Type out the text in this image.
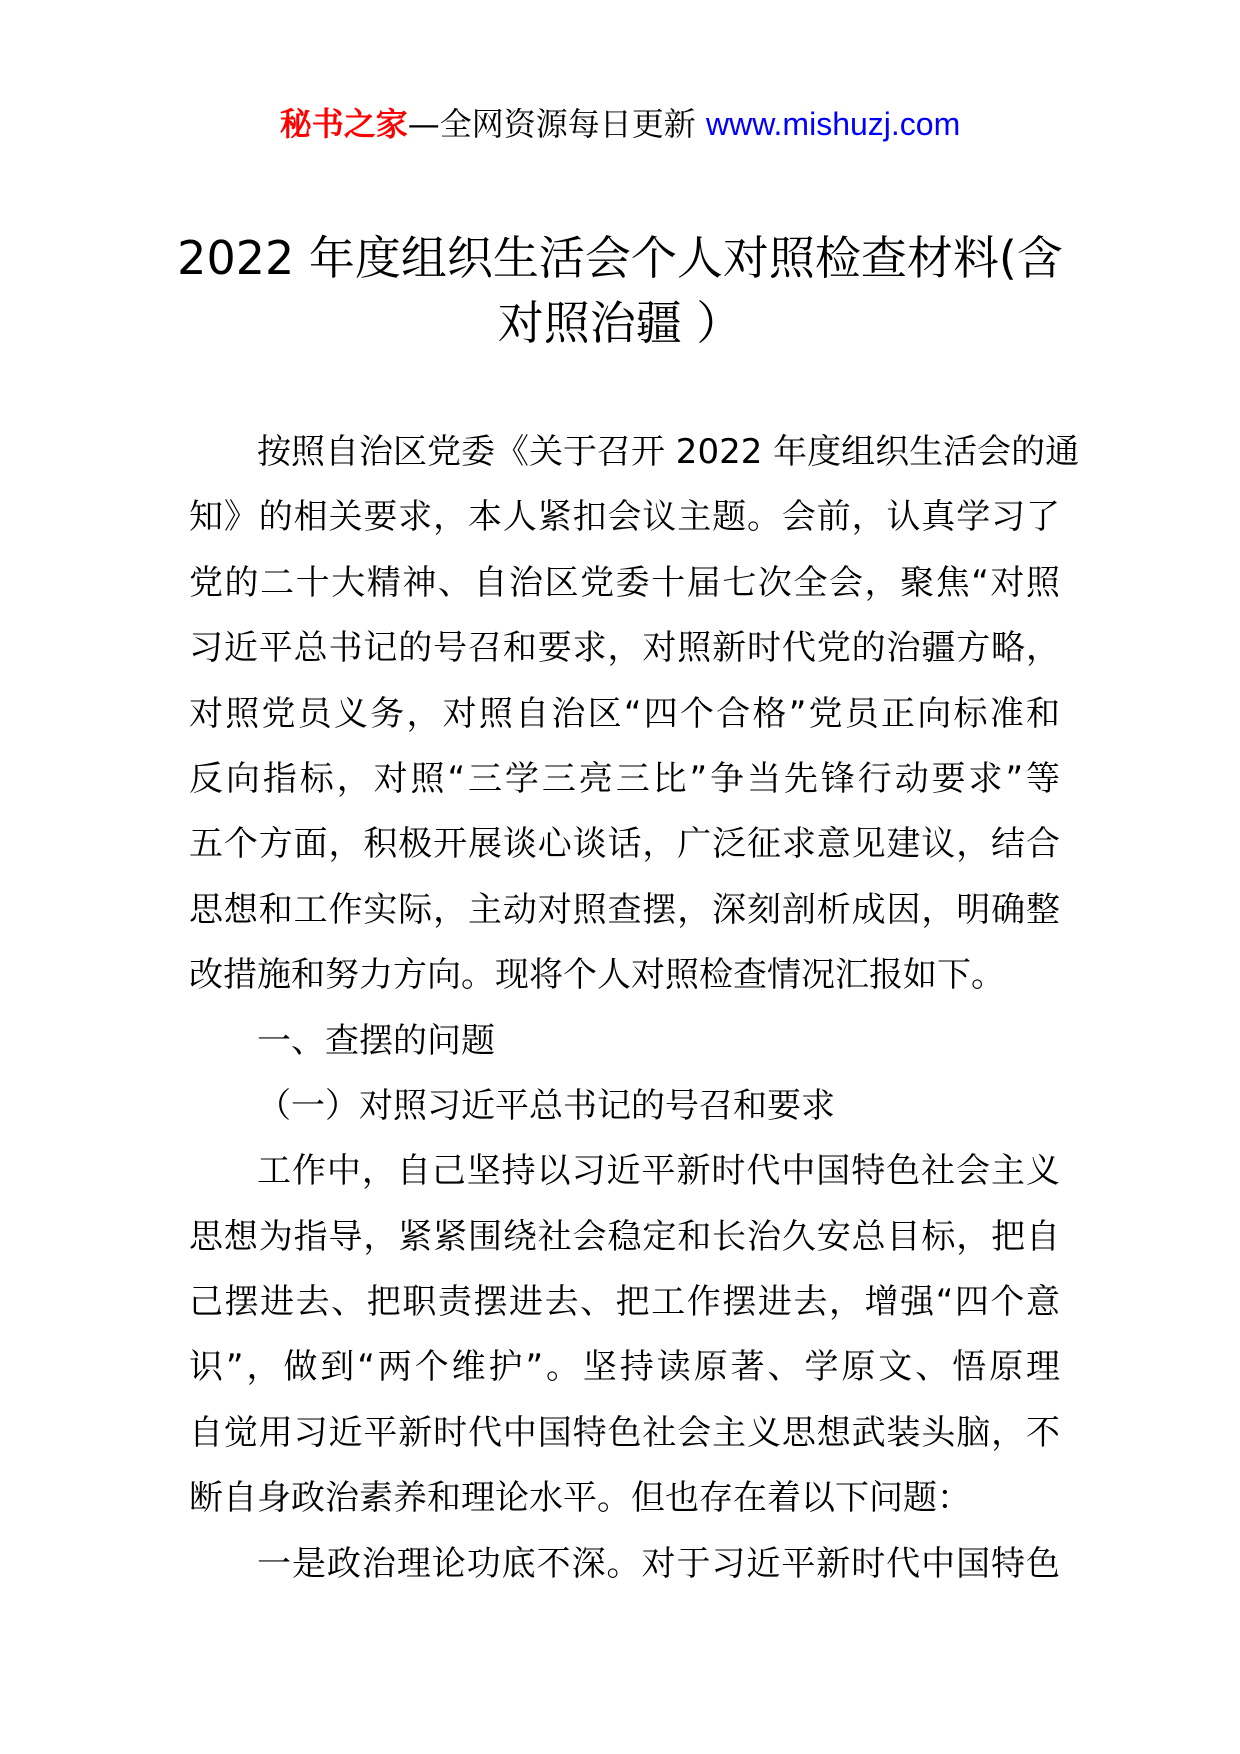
秘书之家—全网资源每日更新 www.mishuzj.com
2022 年度组织生活会个人对照检查材料(含
对照治疆 ）
按照自治区党委《关于召开 2022 年度组织生活会的通
知》的相关要求，本人紧扣会议主题。会前，认真学习了
党的二十大精神、自治区党委十届七次全会，聚焦“对照
习近平总书记的号召和要求，对照新时代党的治疆方略，
对照党员义务，对照自治区“四个合格”党员正向标准和
反向指标，对照“三学三亮三比”争当先锋行动要求”等
五个方面，积极开展谈心谈话，广泛征求意见建议，结合
思想和工作实际，主动对照查摆，深刻剖析成因，明确整
改措施和努力方向。现将个人对照检查情况汇报如下。
一、查摆的问题
（一）对照习近平总书记的号召和要求
工作中，自己坚持以习近平新时代中国特色社会主义
思想为指导，紧紧围绕社会稳定和长治久安总目标，把自
己摆进去、把职责摆进去、把工作摆进去，增强“四个意
识”，做到“两个维护”。坚持读原著、学原文、悟原理
自觉用习近平新时代中国特色社会主义思想武装头脑，不
断自身政治素养和理论水平。但也存在着以下问题：
一是政治理论功底不深。对于习近平新时代中国特色
